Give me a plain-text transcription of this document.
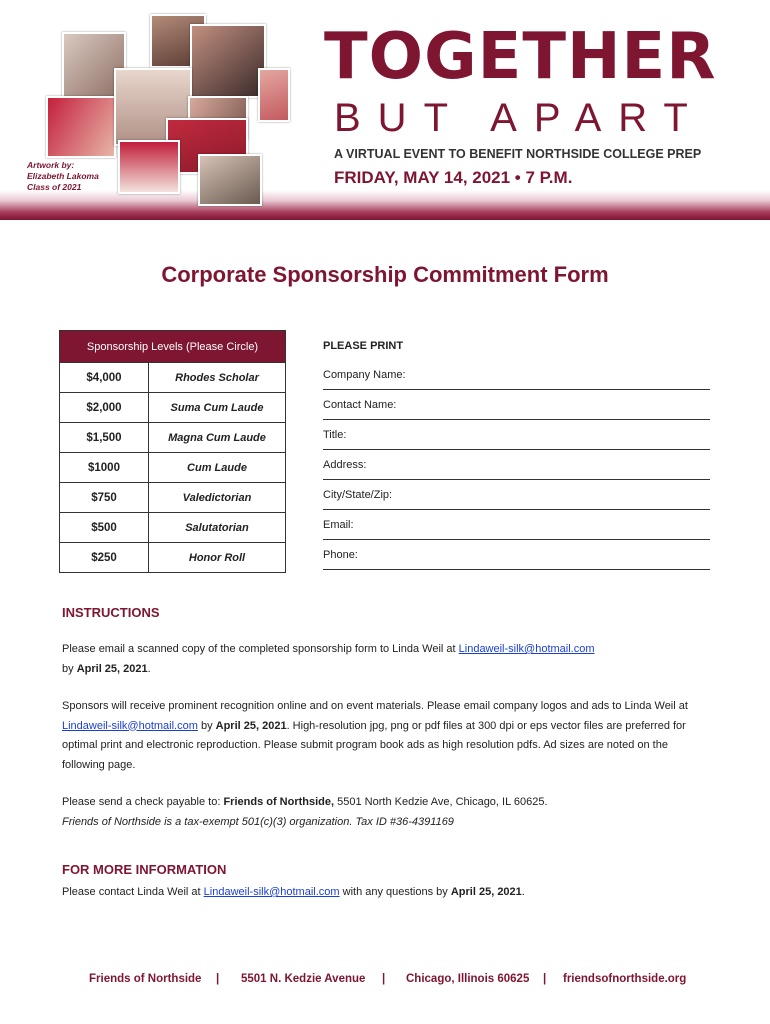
Artwork by:
Elizabeth Lakoma
Class of 2021
TOGETHER
BUT APART
A VIRTUAL EVENT TO BENEFIT NORTHSIDE COLLEGE PREP
FRIDAY, MAY 14, 2021 • 7 P.M.
Corporate Sponsorship Commitment Form
Sponsorship Levels (Please Circle)	
$4,000	Rhodes Scholar
$2,000	Suma Cum Laude
$1,500	Magna Cum Laude
$1000	Cum Laude
$750	Valedictorian
$500	Salutatorian
$250	Honor Roll
PLEASE PRINT
Company Name:
Contact Name:
Title:
Address:
City/State/Zip:
Email:
Phone:
INSTRUCTIONS
Please email a scanned copy of the completed sponsorship form to Linda Weil at Lindaweil-silk@hotmail.com
by April 25, 2021.
Sponsors will receive prominent recognition online and on event materials. Please email company logos and ads to Linda Weil at Lindaweil-silk@hotmail.com by April 25, 2021. High-resolution jpg, png or pdf files at 300 dpi or eps vector files are preferred for optimal print and electronic reproduction. Please submit program book ads as high resolution pdfs. Ad sizes are noted on the following page.
Please send a check payable to: Friends of Northside, 5501 North Kedzie Ave, Chicago, IL 60625.
Friends of Northside is a tax-exempt 501(c)(3) organization. Tax ID #36-4391169
FOR MORE INFORMATION
Please contact Linda Weil at Lindaweil-silk@hotmail.com with any questions by April 25, 2021.
Friends of Northside | 5501 N. Kedzie Avenue | Chicago, Illinois 60625 | friendsofnorthside.org
